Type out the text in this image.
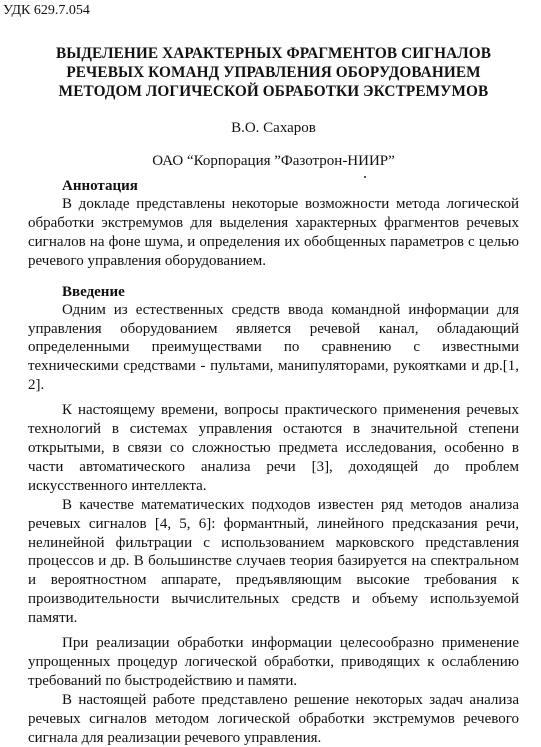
УДК 629.7.054
ВЫДЕЛЕНИЕ ХАРАКТЕРНЫХ ФРАГМЕНТОВ СИГНАЛОВ
РЕЧЕВЫХ КОМАНД УПРАВЛЕНИЯ ОБОРУДОВАНИЕМ
МЕТОДОМ ЛОГИЧЕСКОЙ ОБРАБОТКИ ЭКСТРЕМУМОВ
В.О. Сахаров
ОАО “Корпорация ”Фазотрон-НИИР”
Аннотация

В докладе представлены некоторые возможности метода логической обработки экстремумов для выделения характерных фрагментов речевых сигналов на фоне шума, и определения их обобщенных параметров с целью речевого управления оборудованием.

Введение

Одним из естественных средств ввода командной информации для управления оборудованием является речевой канал, обладающий определенными преимуществами по сравнению с известными техническими средствами - пультами, манипуляторами, рукоятками и др.[1, 2].

К настоящему времени, вопросы практического применения речевых технологий в системах управления остаются в значительной степени открытыми, в связи со сложностью предмета исследования, особенно в части автоматического анализа речи [3], доходящей до проблем искусственного интеллекта.

В качестве математических подходов известен ряд методов анализа речевых сигналов [4, 5, 6]: формантный, линейного предсказания речи, нелинейной фильтрации с использованием марковского представления процессов и др. В большинстве случаев теория базируется на спектральном и вероятностном аппарате, предъявляющим высокие требования к производительности вычислительных средств и объему используемой памяти.

При реализации обработки информации целесообразно применение упрощенных процедур логической обработки, приводящих к ослаблению требований по быстродействию и памяти.

В настоящей работе представлено решение некоторых задач анализа речевых сигналов методом логической обработки экстремумов речевого сигнала для реализации речевого управления.
